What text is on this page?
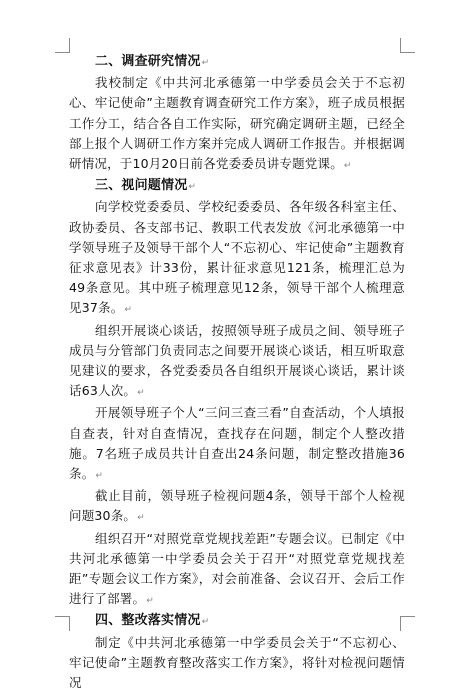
二、调查研究情况↵

我校制定《中共河北承德第一中学委员会关于不忘初心、牢记使命”主题教育调查研究工作方案》，班子成员根据工作分工，结合各自工作实际，研究确定调研主题，已经全部上报个人调研工作方案并完成人调研工作报告。并根据调研情况，于10月20日前各党委委员讲专题党课。↵

三、视问题情况↵

向学校党委委员、学校纪委委员、各年级各科室主任、政协委员、各支部书记、教职工代表发放《河北承德第一中学领导班子及领导干部个人“不忘初心、牢记使命”主题教育征求意见表》计33份，累计征求意见121条，梳理汇总为49条意见。其中班子梳理意见12条，领导干部个人梳理意见37条。↵

组织开展谈心谈话，按照领导班子成员之间、领导班子成员与分管部门负责同志之间要开展谈心谈话，相互听取意见建议的要求，各党委委员各自组织开展谈心谈话，累计谈话63人次。↵

开展领导班子个人“三问三查三看”自查活动，个人填报自查表，针对自查情况，查找存在问题，制定个人整改措施。7名班子成员共计自查出24条问题，制定整改措施36条。↵

截止目前，领导班子检视问题4条，领导干部个人检视问题30条。↵

组织召开“对照党章党规找差距”专题会议。已制定《中共河北承德第一中学委员会关于召开“对照党章党规找差距”专题会议工作方案》，对会前准备、会议召开、会后工作进行了部署。↵

四、整改落实情况↵

制定《中共河北承德第一中学委员会关于“不忘初心、牢记使命”主题教育整改落实工作方案》，将针对检视问题情况
